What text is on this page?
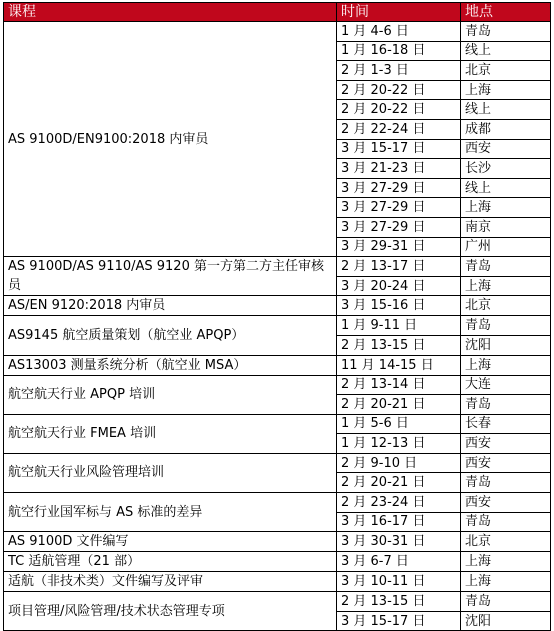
课程	时间	地点
AS 9100D/EN9100:2018 内审员	1 月 4-6 日	青岛
	1 月 16-18 日	线上
	2 月 1-3 日	北京
	2 月 20-22 日	上海
	2 月 20-22 日	线上
	2 月 22-24 日	成都
	3 月 15-17 日	西安
	3 月 21-23 日	长沙
	3 月 27-29 日	线上
	3 月 27-29 日	上海
	3 月 27-29 日	南京
	3 月 29-31 日	广州
AS 9100D/AS 9110/AS 9120 第一方第二方主任审核员	2 月 13-17 日	青岛
	3 月 20-24 日	上海
AS/EN 9120:2018 内审员	3 月 15-16 日	北京
AS9145 航空质量策划（航空业 APQP）	1 月 9-11 日	青岛
	2 月 13-15 日	沈阳
AS13003 测量系统分析（航空业 MSA）	11 月 14-15 日	上海
航空航天行业 APQP 培训	2 月 13-14 日	大连
	2 月 20-21 日	青岛
航空航天行业 FMEA 培训	1 月 5-6 日	长春
	1 月 12-13 日	西安
航空航天行业风险管理培训	2 月 9-10 日	西安
	2 月 20-21 日	青岛
航空行业国军标与 AS 标准的差异	2 月 23-24 日	西安
	3 月 16-17 日	青岛
AS 9100D 文件编写	3 月 30-31 日	北京
TC 适航管理（21 部）	3 月 6-7 日	上海
适航（非技术类）文件编写及评审	3 月 10-11 日	上海
项目管理/风险管理/技术状态管理专项	2 月 13-15 日	青岛
	3 月 15-17 日	沈阳
